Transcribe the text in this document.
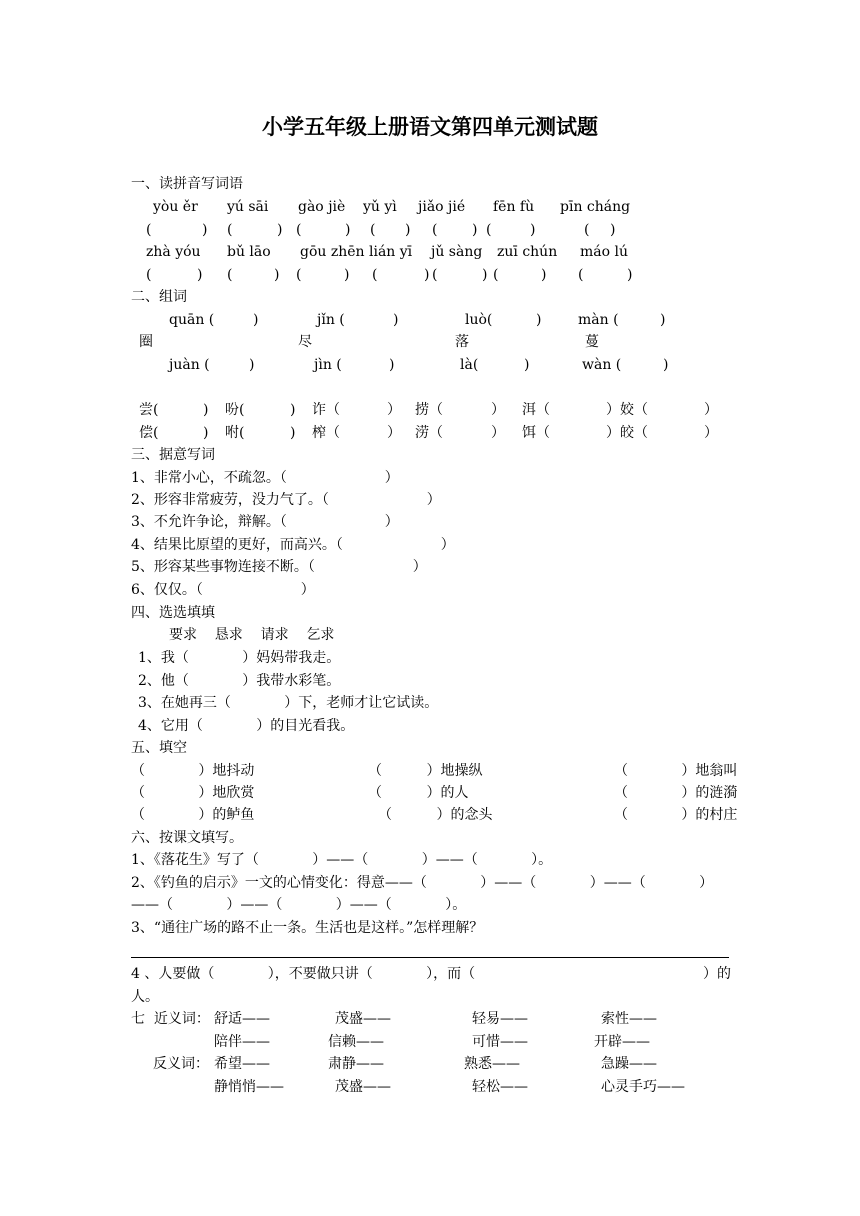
小学五年级上册语文第四单元测试题
一、读拼音写词语
yòu ěr yú sāi gào jiè yǔ yì jiǎo jié fēn fù pīn cháng
(	) (	) (	) ( ) ( ) (	)	( )
zhà yóu bǔ lāo gōu zhēn lián yī jǔ sàng zuī chún máo lú
(	) (	) (	) (	) (	) (	) (	)
二、组词
quān (	)	jǐn (	)	luò(	)	màn (	)
圈	尽	落	蔓
juàn (	)	jìn (	)	là(	)	wàn (	)
尝(	) 吩(	) 诈（	） 捞（	） 洱（	）姣（	）
偿(	) 咐(	) 榨（	） 涝（	） 饵（	）皎（	）
三、据意写词
1、非常小心，不疏忽。（                      ）
2、形容非常疲劳，没力气了。（                      ）
3、不允许争论，辩解。（                      ）
4、结果比原望的更好，而高兴。（                      ）
5、形容某些事物连接不断。（                      ）
6、仅仅。（                      ）
四、选选填填
要求    恳求    请求    乞求
1、我（            ）妈妈带我走。
2、他（            ）我带水彩笔。
3、在她再三（            ）下，老师才让它试读。
4、它用（            ）的目光看我。
五、填空
（            ）地抖动	（          ）地操纵	（            ）地翁叫
（            ）地欣赏	（          ）的人	（            ）的涟漪
（            ）的鲈鱼	（          ）的念头	（            ）的村庄
六、按课文填写。
1、《落花生》写了（            ）——（            ）——（            ）。
2、《钓鱼的启示》一文的心情变化：得意——（            ）——（            ）——（            ）
——（            ）——（            ）——（            ）。
3、“通往广场的路不止一条。生活也是这样。”怎样理解？
4 、人要做（            ），不要做只讲（            ），而（	）的
人。
七  近义词： 舒适——	茂盛——	轻易——	索性——
陪伴——	信赖——	可惜——	开辟——
反义词： 希望——	肃静——	熟悉——	急躁——
静悄悄——	茂盛——	轻松——	心灵手巧——
